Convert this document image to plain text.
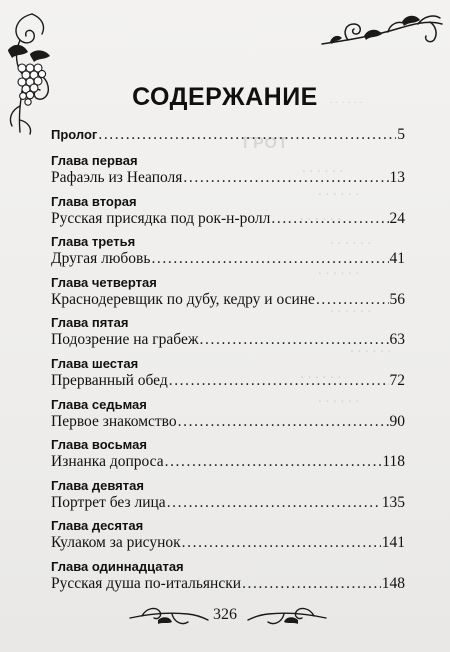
ГРОТ
. . . . . .
. . . . . .
. . . . . .
. . . . . .
. . . . . .
. . . . . .
. . . . . .
. . . . . .
. . . . . .
. . . . . .
СОДЕРЖАНИЕ
Пролог .....	5
Глава первая
Рафаэль из Неаполя .....	13
Глава вторая
Русская присядка под рок-н-ролл .....	24
Глава третья
Другая любовь .....	41
Глава четвертая
Краснодеревщик по дубу, кедру и осине .....	56
Глава пятая
Подозрение на грабеж .....	63
Глава шестая
Прерванный обед .....	72
Глава седьмая
Первое знакомство .....	90
Глава восьмая
Изнанка допроса .....	118
Глава девятая
Портрет без лица .....	135
Глава десятая
Кулаком за рисунок .....	141
Глава одиннадцатая
Русская душа по-итальянски .....	148
326
